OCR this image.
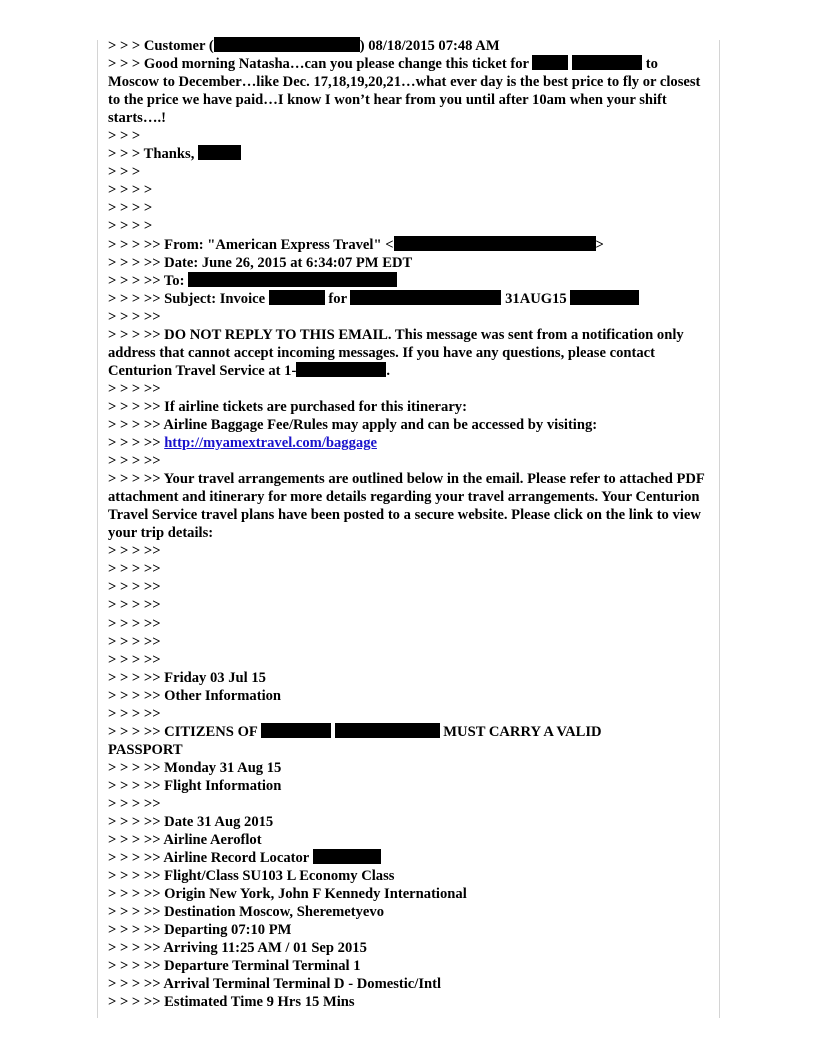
> > > Customer (	) 08/18/2015 07:48 AM
> > > Good morning Natasha…can you please change this ticket for	to Moscow to December…like Dec. 17,18,19,20,21…what ever day is the best price to fly or closest to the price we have paid…I know I won’t hear from you until after 10am when your shift starts….!
> > >
> > > Thanks,
> > >
> > > >
> > > >
> > > >
> > > >> From: "American Express Travel" <	>
> > > >> Date: June 26, 2015 at 6:34:07 PM EDT
> > > >> To:
> > > >> Subject: Invoice	for	31AUG15
> > > >>
> > > >> DO NOT REPLY TO THIS EMAIL. This message was sent from a notification only address that cannot accept incoming messages. If you have any questions, please contact Centurion Travel Service at 1-	.
> > > >>
> > > >> If airline tickets are purchased for this itinerary:
> > > >> Airline Baggage Fee/Rules may apply and can be accessed by visiting:
> > > >> http://myamextravel.com/baggage
> > > >>
> > > >> Your travel arrangements are outlined below in the email. Please refer to attached PDF attachment and itinerary for more details regarding your travel arrangements. Your Centurion Travel Service travel plans have been posted to a secure website. Please click on the link to view your trip details:
> > > >>
> > > >>
> > > >>
> > > >>
> > > >>
> > > >>
> > > >>
> > > >> Friday 03 Jul 15
> > > >> Other Information
> > > >>
> > > >> CITIZENS OF	MUST CARRY A VALID
PASSPORT
> > > >> Monday 31 Aug 15
> > > >> Flight Information
> > > >>
> > > >> Date 31 Aug 2015
> > > >> Airline Aeroflot
> > > >> Airline Record Locator
> > > >> Flight/Class SU103 L Economy Class
> > > >> Origin New York, John F Kennedy International
> > > >> Destination Moscow, Sheremetyevo
> > > >> Departing 07:10 PM
> > > >> Arriving 11:25 AM / 01 Sep 2015
> > > >> Departure Terminal Terminal 1
> > > >> Arrival Terminal Terminal D - Domestic/Intl
> > > >> Estimated Time 9 Hrs 15 Mins
